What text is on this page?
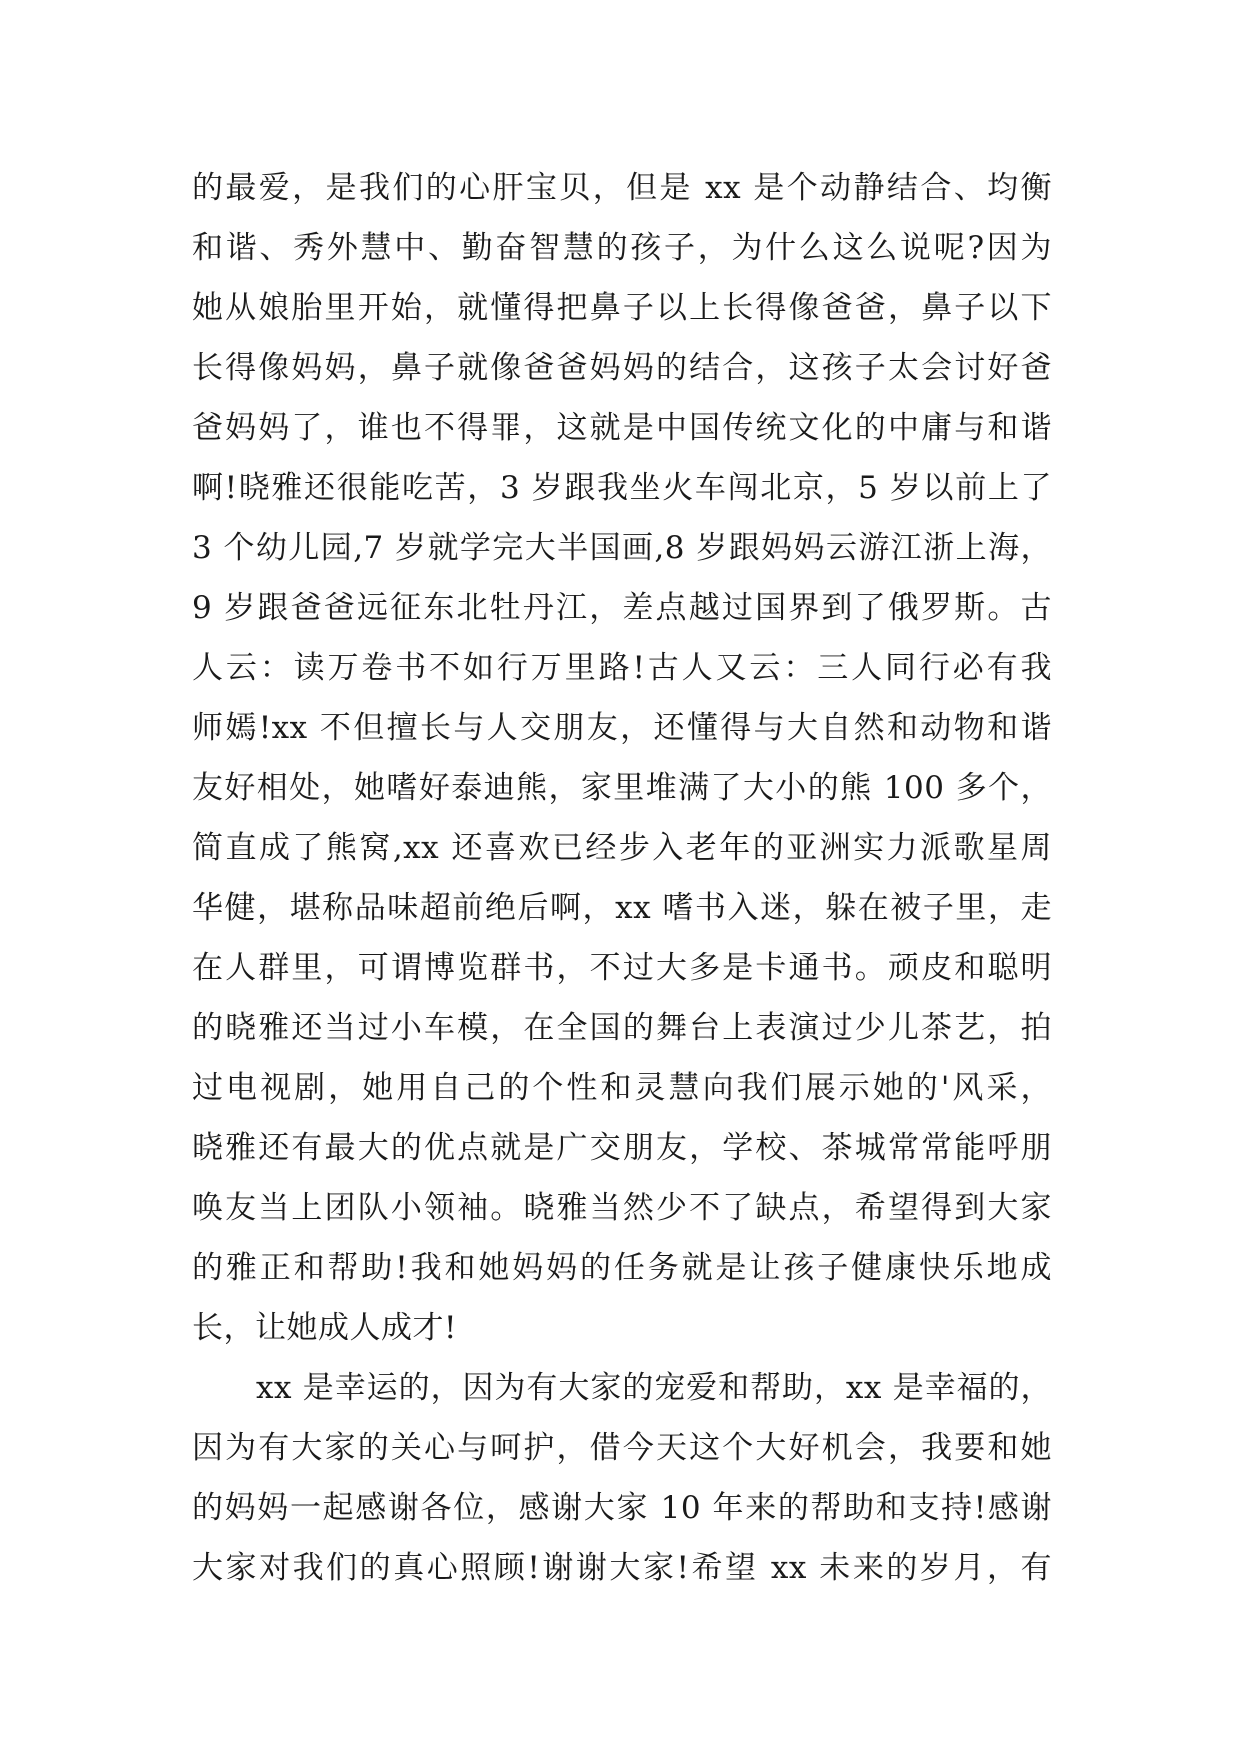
的最爱，是我们的心肝宝贝，但是 xx 是个动静结合、均衡
和谐、秀外慧中、勤奋智慧的孩子，为什么这么说呢?因为
她从娘胎里开始，就懂得把鼻子以上长得像爸爸，鼻子以下
长得像妈妈，鼻子就像爸爸妈妈的结合，这孩子太会讨好爸
爸妈妈了，谁也不得罪，这就是中国传统文化的中庸与和谐
啊!晓雅还很能吃苦，3 岁跟我坐火车闯北京，5 岁以前上了
3 个幼儿园,7 岁就学完大半国画,8 岁跟妈妈云游江浙上海，
9 岁跟爸爸远征东北牡丹江，差点越过国界到了俄罗斯。古
人云：读万卷书不如行万里路!古人又云：三人同行必有我
师嫣!xx 不但擅长与人交朋友，还懂得与大自然和动物和谐
友好相处，她嗜好泰迪熊，家里堆满了大小的熊 100 多个，
简直成了熊窝,xx 还喜欢已经步入老年的亚洲实力派歌星周
华健，堪称品味超前绝后啊，xx 嗜书入迷，躲在被子里，走
在人群里，可谓博览群书，不过大多是卡通书。顽皮和聪明
的晓雅还当过小车模，在全国的舞台上表演过少儿茶艺，拍
过电视剧，她用自己的个性和灵慧向我们展示她的'风采，
晓雅还有最大的优点就是广交朋友，学校、茶城常常能呼朋
唤友当上团队小领袖。晓雅当然少不了缺点，希望得到大家
的雅正和帮助!我和她妈妈的任务就是让孩子健康快乐地成
长，让她成人成才!
xx 是幸运的，因为有大家的宠爱和帮助，xx 是幸福的，
因为有大家的关心与呵护，借今天这个大好机会，我要和她
的妈妈一起感谢各位，感谢大家 10 年来的帮助和支持!感谢
大家对我们的真心照顾!谢谢大家!希望 xx 未来的岁月，有
